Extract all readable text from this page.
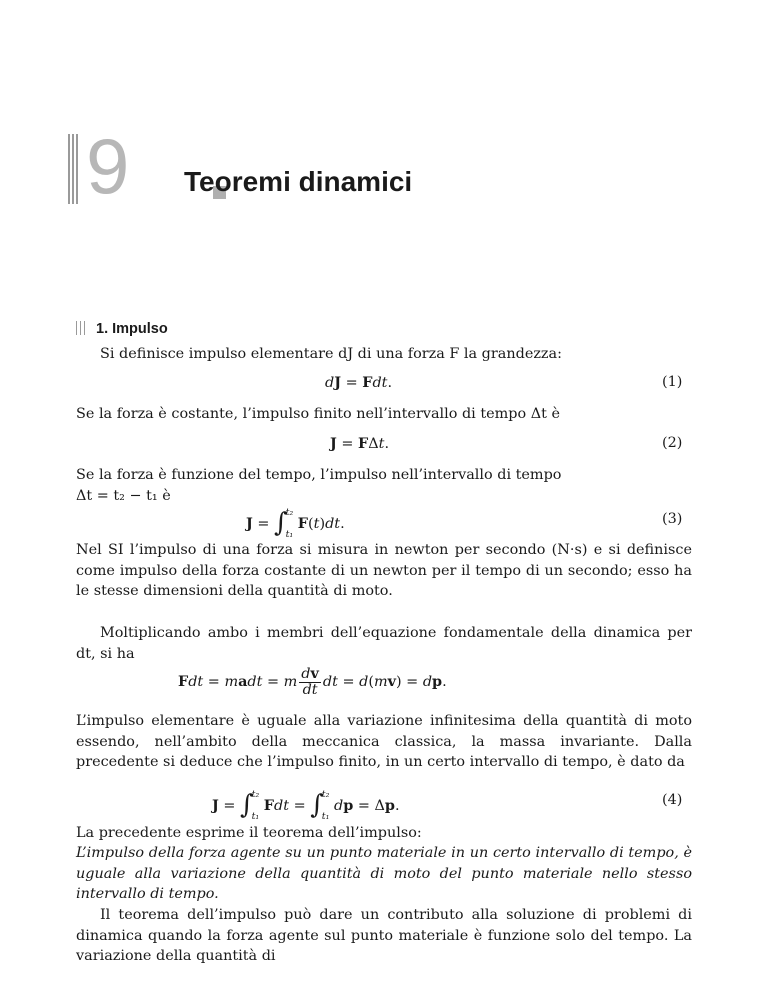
9 Teoremi dinamici
1. Impulso
Si definisce impulso elementare dJ di una forza F la grandezza:
dJ = Fdt.	(1)
Se la forza è costante, l’impulso finito nell’intervallo di tempo Δt è
J = FΔt.	(2)
Se la forza è funzione del tempo, l’impulso nell’intervallo di tempo
Δt = t₂ − t₁ è
J = ∫
t₂
t₁
F(t)dt.	(3)
Nel SI l’impulso di una forza si misura in newton per secondo (N·s) e si definisce come impulso della forza costante di un newton per il tempo di un secondo; esso ha le stesse dimensioni della quantità di moto.
Moltiplicando ambo i membri dell’equazione fondamentale della dinamica per dt, si ha
Fdt = madt = m $\frac{dv}{dt}$ dt = d(mv) = dp.
L’impulso elementare è uguale alla variazione infinitesima della quantità di moto essendo, nell’ambito della meccanica classica, la massa invariante. Dalla precedente si deduce che l’impulso finito, in un certo intervallo di tempo, è dato da
J = ∫
t₂
t₁
Fdt = ∫
t₂
t₁
dp = Δp.	(4)
La precedente esprime il teorema dell’impulso:
L’impulso della forza agente su un punto materiale in un certo intervallo di tempo, è uguale alla variazione della quantità di moto del punto materiale nello stesso intervallo di tempo.
Il teorema dell’impulso può dare un contributo alla soluzione di problemi di dinamica quando la forza agente sul punto materiale è funzione solo del tempo. La variazione della quantità di
